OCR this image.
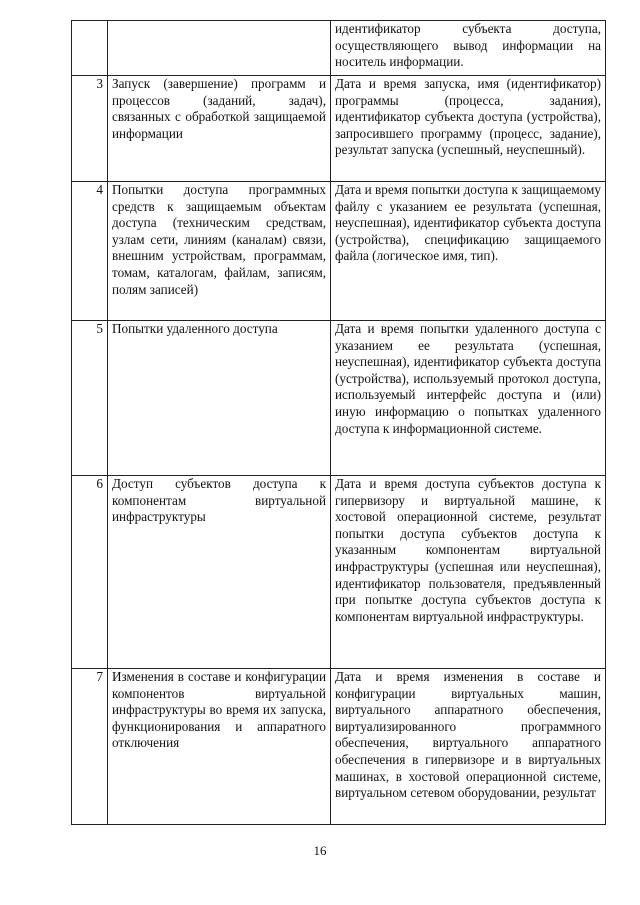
		идентификатор субъекта доступа, осуществляющего вывод информации на носитель информации.
3	Запуск (завершение) программ и процессов (заданий, задач), связанных с обработкой защищаемой информации	Дата и время запуска, имя (идентификатор) программы (процесса, задания), идентификатор субъекта доступа (устройства), запросившего программу (процесс, задание), результат запуска (успешный, неуспешный).
4	Попытки доступа программных средств к защищаемым объектам доступа (техническим средствам, узлам сети, линиям (каналам) связи, внешним устройствам, программам, томам, каталогам, файлам, записям, полям записей)	Дата и время попытки доступа к защищаемому файлу с указанием ее результата (успешная, неуспешная), идентификатор субъекта доступа (устройства), спецификацию защищаемого файла (логическое имя, тип).
5	Попытки удаленного доступа	Дата и время попытки удаленного доступа с указанием ее результата (успешная, неуспешная), идентификатор субъекта доступа (устройства), используемый протокол доступа, используемый интерфейс доступа и (или) иную информацию о попытках удаленного доступа к информационной системе.
6	Доступ субъектов доступа к компонентам виртуальной инфраструктуры	Дата и время доступа субъектов доступа к гипервизору и виртуальной машине, к хостовой операционной системе, результат попытки доступа субъектов доступа к указанным компонентам виртуальной инфраструктуры (успешная или неуспешная), идентификатор пользователя, предъявленный при попытке доступа субъектов доступа к компонентам виртуальной инфраструктуры.
7	Изменения в составе и конфигурации компонентов виртуальной инфраструктуры во время их запуска, функционирования и аппаратного отключения	Дата и время изменения в составе и конфигурации виртуальных машин, виртуального аппаратного обеспечения, виртуализированного программного обеспечения, виртуального аппаратного обеспечения в гипервизоре и в виртуальных машинах, в хостовой операционной системе, виртуальном сетевом оборудовании, результат
16
